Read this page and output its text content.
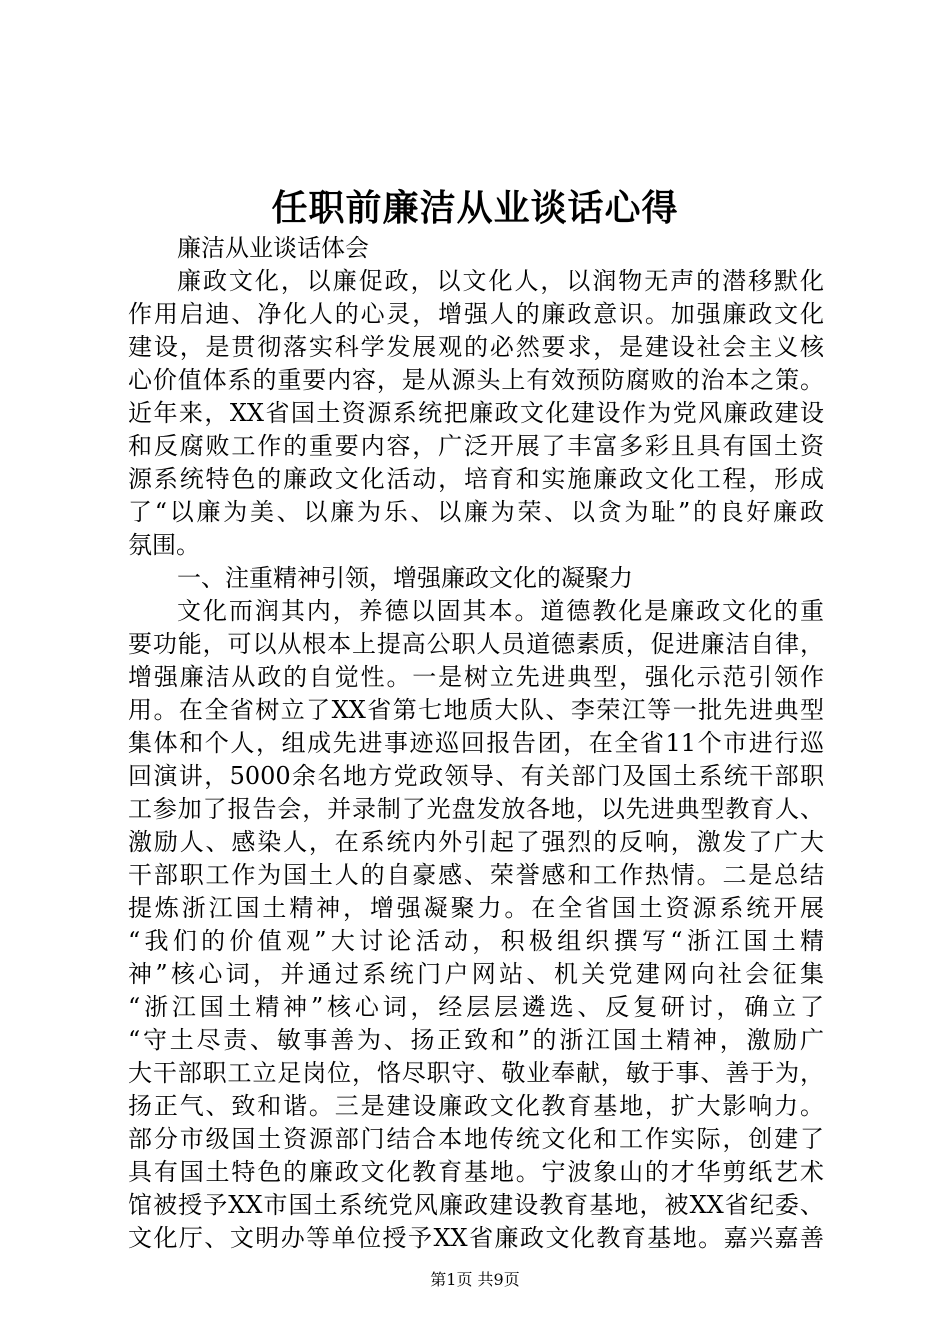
任职前廉洁从业谈话心得
廉洁从业谈话体会
廉政文化，以廉促政，以文化人，以润物无声的潜移默化
作用启迪、净化人的心灵，增强人的廉政意识。加强廉政文化
建设，是贯彻落实科学发展观的必然要求，是建设社会主义核
心价值体系的重要内容，是从源头上有效预防腐败的治本之策。
近年来，XX省国土资源系统把廉政文化建设作为党风廉政建设
和反腐败工作的重要内容，广泛开展了丰富多彩且具有国土资
源系统特色的廉政文化活动，培育和实施廉政文化工程，形成
了“以廉为美、以廉为乐、以廉为荣、以贪为耻”的良好廉政
氛围。
一、注重精神引领，增强廉政文化的凝聚力
文化而润其内，养德以固其本。道德教化是廉政文化的重
要功能，可以从根本上提高公职人员道德素质，促进廉洁自律，
增强廉洁从政的自觉性。一是树立先进典型，强化示范引领作
用。在全省树立了XX省第七地质大队、李荣江等一批先进典型
集体和个人，组成先进事迹巡回报告团，在全省11个市进行巡
回演讲，5000余名地方党政领导、有关部门及国土系统干部职
工参加了报告会，并录制了光盘发放各地，以先进典型教育人、
激励人、感染人，在系统内外引起了强烈的反响，激发了广大
干部职工作为国土人的自豪感、荣誉感和工作热情。二是总结
提炼浙江国土精神，增强凝聚力。在全省国土资源系统开展
“我们的价值观”大讨论活动，积极组织撰写“浙江国土精
神”核心词，并通过系统门户网站、机关党建网向社会征集
“浙江国土精神”核心词，经层层遴选、反复研讨，确立了
“守土尽责、敏事善为、扬正致和”的浙江国土精神，激励广
大干部职工立足岗位，恪尽职守、敬业奉献，敏于事、善于为，
扬正气、致和谐。三是建设廉政文化教育基地，扩大影响力。
部分市级国土资源部门结合本地传统文化和工作实际，创建了
具有国土特色的廉政文化教育基地。宁波象山的才华剪纸艺术
馆被授予XX市国土系统党风廉政建设教育基地，被XX省纪委、
文化厅、文明办等单位授予XX省廉政文化教育基地。嘉兴嘉善
第1页 共9页
